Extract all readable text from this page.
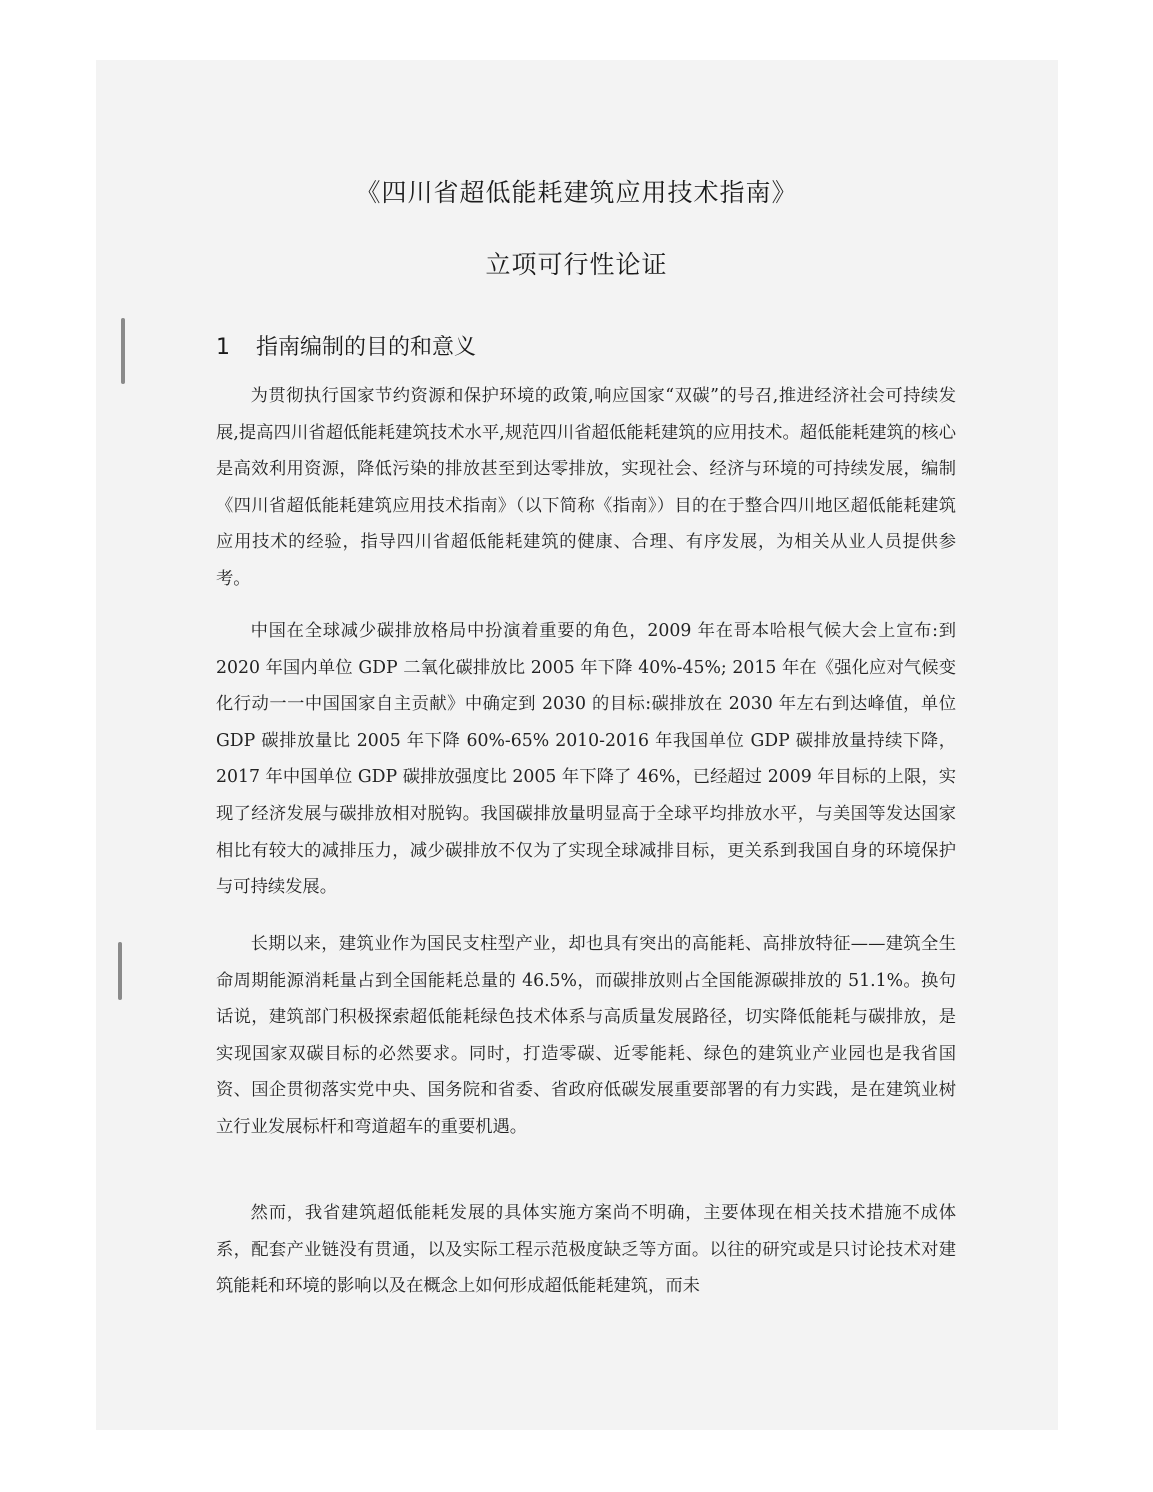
《四川省超低能耗建筑应用技术指南》
立项可行性论证
1 指南编制的目的和意义

为贯彻执行国家节约资源和保护环境的政策,响应国家“双碳”的号召,推进经济社会可持续发展,提高四川省超低能耗建筑技术水平,规范四川省超低能耗建筑的应用技术。超低能耗建筑的核心是高效利用资源，降低污染的排放甚至到达零排放，实现社会、经济与环境的可持续发展，编制《四川省超低能耗建筑应用技术指南》（以下简称《指南》）目的在于整合四川地区超低能耗建筑应用技术的经验，指导四川省超低能耗建筑的健康、合理、有序发展，为相关从业人员提供参考。

中国在全球减少碳排放格局中扮演着重要的角色，2009 年在哥本哈根气候大会上宣布:到 2020 年国内单位 GDP 二氧化碳排放比 2005 年下降 40%-45%; 2015 年在《强化应对气候变化行动一一中国国家自主贡献》中确定到 2030 的目标:碳排放在 2030 年左右到达峰值，单位 GDP 碳排放量比 2005 年下降 60%-65% 2010-2016 年我国单位 GDP 碳排放量持续下降，2017 年中国单位 GDP 碳排放强度比 2005 年下降了 46%，已经超过 2009 年目标的上限，实现了经济发展与碳排放相对脱钩。我国碳排放量明显高于全球平均排放水平，与美国等发达国家相比有较大的减排压力，减少碳排放不仅为了实现全球减排目标，更关系到我国自身的环境保护与可持续发展。

长期以来，建筑业作为国民支柱型产业，却也具有突出的高能耗、高排放特征——建筑全生命周期能源消耗量占到全国能耗总量的 46.5%，而碳排放则占全国能源碳排放的 51.1%。换句话说，建筑部门积极探索超低能耗绿色技术体系与高质量发展路径，切实降低能耗与碳排放，是实现国家双碳目标的必然要求。同时，打造零碳、近零能耗、绿色的建筑业产业园也是我省国资、国企贯彻落实党中央、国务院和省委、省政府低碳发展重要部署的有力实践，是在建筑业树立行业发展标杆和弯道超车的重要机遇。

然而，我省建筑超低能耗发展的具体实施方案尚不明确，主要体现在相关技术措施不成体系，配套产业链没有贯通，以及实际工程示范极度缺乏等方面。以往的研究或是只讨论技术对建筑能耗和环境的影响以及在概念上如何形成超低能耗建筑，而未
